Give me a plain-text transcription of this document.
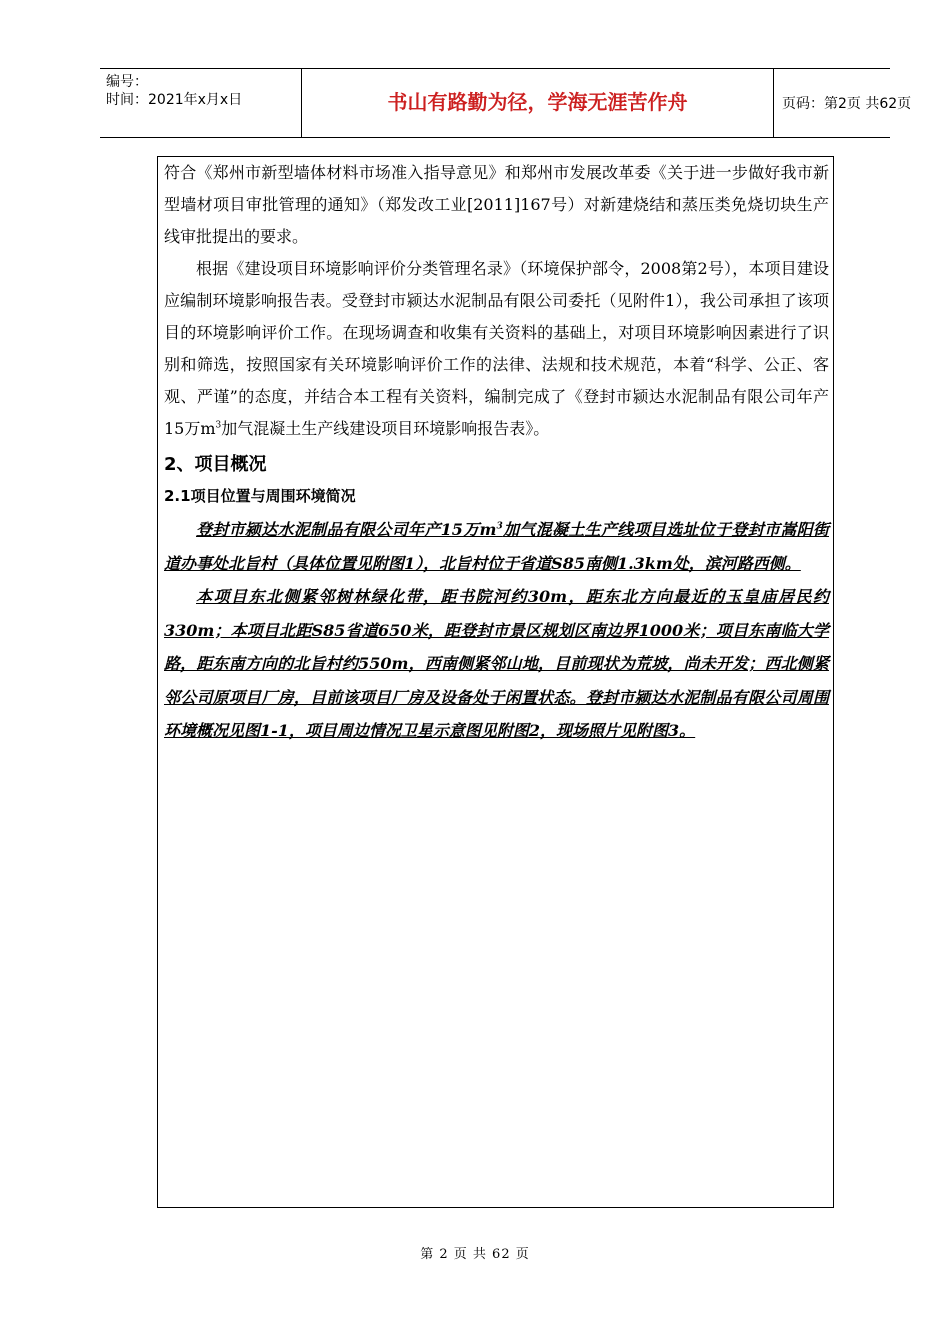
编号：
时间：2021年x月x日	书山有路勤为径，学海无涯苦作舟	页码：第2页 共62页

符合《郑州市新型墙体材料市场准入指导意见》和郑州市发展改革委《关于进一步做好我市新型墙材项目审批管理的通知》（郑发改工业[2011]167号）对新建烧结和蒸压类免烧切块生产线审批提出的要求。

根据《建设项目环境影响评价分类管理名录》（环境保护部令，2008第2号），本项目建设应编制环境影响报告表。受登封市颍达水泥制品有限公司委托（见附件1），我公司承担了该项目的环境影响评价工作。在现场调查和收集有关资料的基础上，对项目环境影响因素进行了识别和筛选，按照国家有关环境影响评价工作的法律、法规和技术规范，本着“科学、公正、客观、严谨”的态度，并结合本工程有关资料，编制完成了《登封市颍达水泥制品有限公司年产15万$m^3$加气混凝土生产线建设项目环境影响报告表》。

2、项目概况
2.1项目位置与周围环境简况

登封市颍达水泥制品有限公司年产15万$m^3$加气混凝土生产线项目选址位于登封市嵩阳街道办事处北旨村（具体位置见附图1），北旨村位于省道S85南侧1.3km处，滨河路西侧。

本项目东北侧紧邻树林绿化带，距书院河约30m，距东北方向最近的玉皇庙居民约330m；本项目北距S85省道650米，距登封市景区规划区南边界1000米；项目东南临大学路，距东南方向的北旨村约550m，西南侧紧邻山地，目前现状为荒坡，尚未开发；西北侧紧邻公司原项目厂房，目前该项目厂房及设备处于闲置状态。登封市颍达水泥制品有限公司周围环境概况见图1-1，项目周边情况卫星示意图见附图2，现场照片见附图3。

第 2 页 共 62 页
